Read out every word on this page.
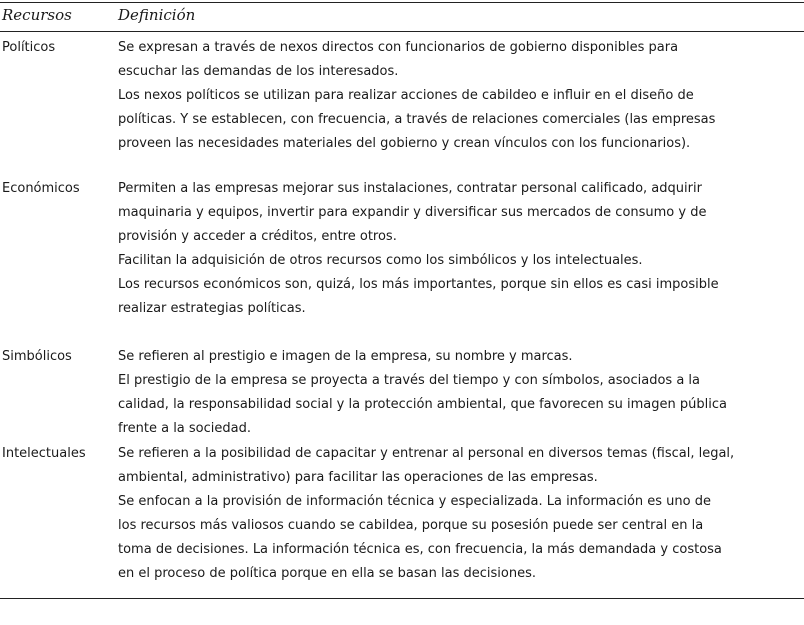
Recursos	Definición
Políticos	Se expresan a través de nexos directos con funcionarios de gobierno disponibles para
escuchar las demandas de los interesados.
Los nexos políticos se utilizan para realizar acciones de cabildeo e influir en el diseño de
políticas. Y se establecen, con frecuencia, a través de relaciones comerciales (las empresas
proveen las necesidades materiales del gobierno y crean vínculos con los funcionarios).
Económicos	Permiten a las empresas mejorar sus instalaciones, contratar personal calificado, adquirir
maquinaria y equipos, invertir para expandir y diversificar sus mercados de consumo y de
provisión y acceder a créditos, entre otros.
Facilitan la adquisición de otros recursos como los simbólicos y los intelectuales.
Los recursos económicos son, quizá, los más importantes, porque sin ellos es casi imposible
realizar estrategias políticas.
Simbólicos	Se refieren al prestigio e imagen de la empresa, su nombre y marcas.
El prestigio de la empresa se proyecta a través del tiempo y con símbolos, asociados a la
calidad, la responsabilidad social y la protección ambiental, que favorecen su imagen pública
frente a la sociedad.
Intelectuales Se refieren a la posibilidad de capacitar y entrenar al personal en diversos temas (fiscal, legal,
ambiental, administrativo) para facilitar las operaciones de las empresas.
Se enfocan a la provisión de información técnica y especializada. La información es uno de
los recursos más valiosos cuando se cabildea, porque su posesión puede ser central en la
toma de decisiones. La información técnica es, con frecuencia, la más demandada y costosa
en el proceso de política porque en ella se basan las decisiones.
